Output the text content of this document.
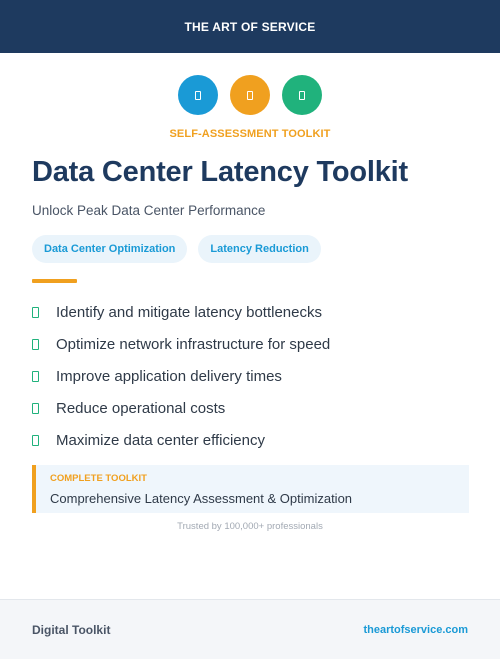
THE ART OF SERVICE
SELF-ASSESSMENT TOOLKIT
Data Center Latency Toolkit
Unlock Peak Data Center Performance
Data Center Optimization	Latency Reduction
Identify and mitigate latency bottlenecks
Optimize network infrastructure for speed
Improve application delivery times
Reduce operational costs
Maximize data center efficiency
COMPLETE TOOLKIT
Comprehensive Latency Assessment & Optimization
Trusted by 100,000+ professionals
Digital Toolkit	theartofservice.com
